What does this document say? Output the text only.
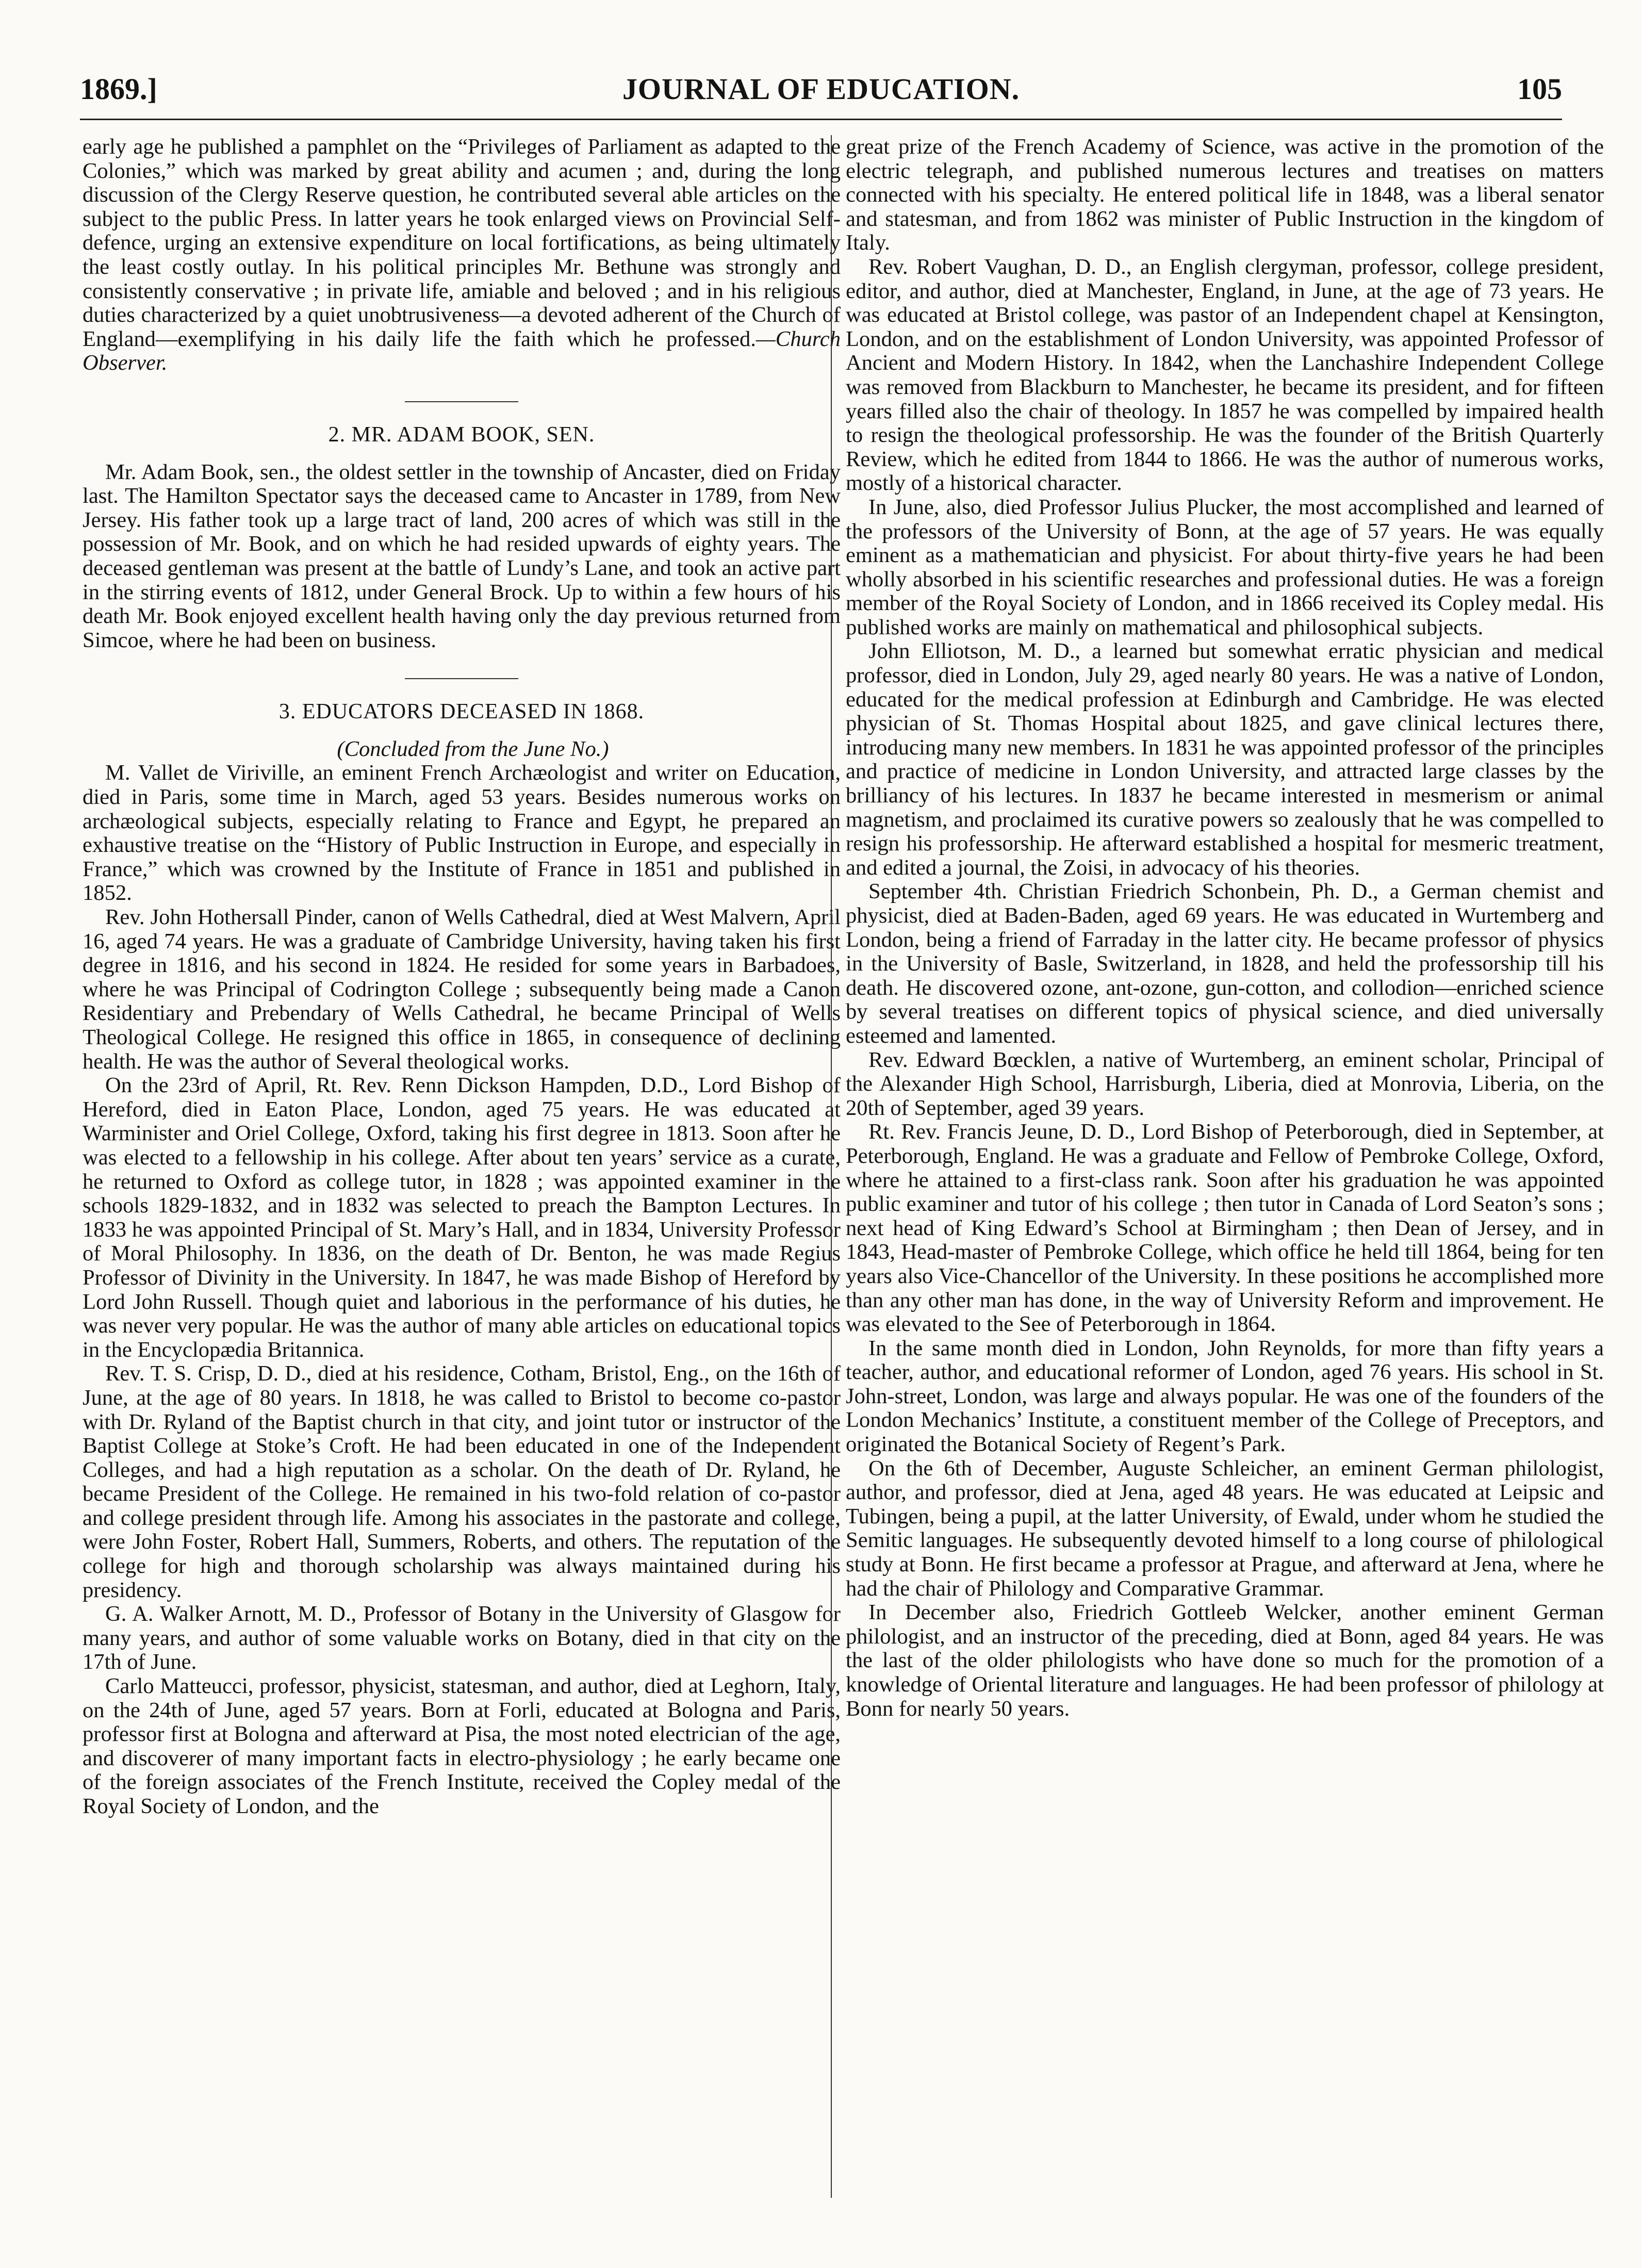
1869.]	JOURNAL OF EDUCATION.	105

early age he published a pamphlet on the “Privileges of Parliament as adapted to the Colonies,” which was marked by great ability and acumen ; and, during the long discussion of the Clergy Reserve question, he contributed several able articles on the subject to the public Press. In latter years he took enlarged views on Provincial Self-defence, urging an extensive expenditure on local fortifications, as being ultimately the least costly outlay. In his political principles Mr. Bethune was strongly and consistently conservative ; in private life, amiable and beloved ; and in his religious duties characterized by a quiet unobtrusiveness—a devoted adherent of the Church of England—exemplifying in his daily life the faith which he professed.—Church Observer.

2. MR. ADAM BOOK, SEN.

Mr. Adam Book, sen., the oldest settler in the township of Ancaster, died on Friday last. The Hamilton Spectator says the deceased came to Ancaster in 1789, from New Jersey. His father took up a large tract of land, 200 acres of which was still in the possession of Mr. Book, and on which he had resided upwards of eighty years. The deceased gentleman was present at the battle of Lundy’s Lane, and took an active part in the stirring events of 1812, under General Brock. Up to within a few hours of his death Mr. Book enjoyed excellent health having only the day previous returned from Simcoe, where he had been on business.

3. EDUCATORS DECEASED IN 1868.

(Concluded from the June No.)

M. Vallet de Viriville, an eminent French Archæologist and writer on Education, died in Paris, some time in March, aged 53 years. Besides numerous works on archæological subjects, especially relating to France and Egypt, he prepared an exhaustive treatise on the “History of Public Instruction in Europe, and especially in France,” which was crowned by the Institute of France in 1851 and published in 1852.

Rev. John Hothersall Pinder, canon of Wells Cathedral, died at West Malvern, April 16, aged 74 years. He was a graduate of Cambridge University, having taken his first degree in 1816, and his second in 1824. He resided for some years in Barbadoes, where he was Principal of Codrington College ; subsequently being made a Canon Residentiary and Prebendary of Wells Cathedral, he became Principal of Wells Theological College. He resigned this office in 1865, in consequence of declining health. He was the author of Several theological works.

On the 23rd of April, Rt. Rev. Renn Dickson Hampden, D.D., Lord Bishop of Hereford, died in Eaton Place, London, aged 75 years. He was educated at Warminister and Oriel College, Oxford, taking his first degree in 1813. Soon after he was elected to a fellowship in his college. After about ten years’ service as a curate, he returned to Oxford as college tutor, in 1828 ; was appointed examiner in the schools 1829-1832, and in 1832 was selected to preach the Bampton Lectures. In 1833 he was appointed Principal of St. Mary’s Hall, and in 1834, University Professor of Moral Philosophy. In 1836, on the death of Dr. Benton, he was made Regius Professor of Divinity in the University. In 1847, he was made Bishop of Hereford by Lord John Russell. Though quiet and laborious in the performance of his duties, he was never very popular. He was the author of many able articles on educational topics in the Encyclopædia Britannica.

Rev. T. S. Crisp, D. D., died at his residence, Cotham, Bristol, Eng., on the 16th of June, at the age of 80 years. In 1818, he was called to Bristol to become co-pastor with Dr. Ryland of the Baptist church in that city, and joint tutor or instructor of the Baptist College at Stoke’s Croft. He had been educated in one of the Independent Colleges, and had a high reputation as a scholar. On the death of Dr. Ryland, he became President of the College. He remained in his two-fold relation of co-pastor and college president through life. Among his associates in the pastorate and college, were John Foster, Robert Hall, Summers, Roberts, and others. The reputation of the college for high and thorough scholarship was always maintained during his presidency.

G. A. Walker Arnott, M. D., Professor of Botany in the University of Glasgow for many years, and author of some valuable works on Botany, died in that city on the 17th of June.

Carlo Matteucci, professor, physicist, statesman, and author, died at Leghorn, Italy, on the 24th of June, aged 57 years. Born at Forli, educated at Bologna and Paris, professor first at Bologna and afterward at Pisa, the most noted electrician of the age, and discoverer of many important facts in electro-physiology ; he early became one of the foreign associates of the French Institute, received the Copley medal of the Royal Society of London, and the

great prize of the French Academy of Science, was active in the promotion of the electric telegraph, and published numerous lectures and treatises on matters connected with his specialty. He entered political life in 1848, was a liberal senator and statesman, and from 1862 was minister of Public Instruction in the kingdom of Italy.

Rev. Robert Vaughan, D. D., an English clergyman, professor, college president, editor, and author, died at Manchester, England, in June, at the age of 73 years. He was educated at Bristol college, was pastor of an Independent chapel at Kensington, London, and on the establishment of London University, was appointed Professor of Ancient and Modern History. In 1842, when the Lanchashire Independent College was removed from Blackburn to Manchester, he became its president, and for fifteen years filled also the chair of theology. In 1857 he was compelled by impaired health to resign the theological professorship. He was the founder of the British Quarterly Review, which he edited from 1844 to 1866. He was the author of numerous works, mostly of a historical character.

In June, also, died Professor Julius Plucker, the most accomplished and learned of the professors of the University of Bonn, at the age of 57 years. He was equally eminent as a mathematician and physicist. For about thirty-five years he had been wholly absorbed in his scientific researches and professional duties. He was a foreign member of the Royal Society of London, and in 1866 received its Copley medal. His published works are mainly on mathematical and philosophical subjects.

John Elliotson, M. D., a learned but somewhat erratic physician and medical professor, died in London, July 29, aged nearly 80 years. He was a native of London, educated for the medical profession at Edinburgh and Cambridge. He was elected physician of St. Thomas Hospital about 1825, and gave clinical lectures there, introducing many new members. In 1831 he was appointed professor of the principles and practice of medicine in London University, and attracted large classes by the brilliancy of his lectures. In 1837 he became interested in mesmerism or animal magnetism, and proclaimed its curative powers so zealously that he was compelled to resign his professorship. He afterward established a hospital for mesmeric treatment, and edited a journal, the Zoisi, in advocacy of his theories.

September 4th. Christian Friedrich Schonbein, Ph. D., a German chemist and physicist, died at Baden-Baden, aged 69 years. He was educated in Wurtemberg and London, being a friend of Farraday in the latter city. He became professor of physics in the University of Basle, Switzerland, in 1828, and held the professorship till his death. He discovered ozone, ant-ozone, gun-cotton, and collodion—enriched science by several treatises on different topics of physical science, and died universally esteemed and lamented.

Rev. Edward Bœcklen, a native of Wurtemberg, an eminent scholar, Principal of the Alexander High School, Harrisburgh, Liberia, died at Monrovia, Liberia, on the 20th of September, aged 39 years.

Rt. Rev. Francis Jeune, D. D., Lord Bishop of Peterborough, died in September, at Peterborough, England. He was a graduate and Fellow of Pembroke College, Oxford, where he attained to a first-class rank. Soon after his graduation he was appointed public examiner and tutor of his college ; then tutor in Canada of Lord Seaton’s sons ; next head of King Edward’s School at Birmingham ; then Dean of Jersey, and in 1843, Head-master of Pembroke College, which office he held till 1864, being for ten years also Vice-Chancellor of the University. In these positions he accomplished more than any other man has done, in the way of University Reform and improvement. He was elevated to the See of Peterborough in 1864.

In the same month died in London, John Reynolds, for more than fifty years a teacher, author, and educational reformer of London, aged 76 years. His school in St. John-street, London, was large and always popular. He was one of the founders of the London Mechanics’ Institute, a constituent member of the College of Preceptors, and originated the Botanical Society of Regent’s Park.

On the 6th of December, Auguste Schleicher, an eminent German philologist, author, and professor, died at Jena, aged 48 years. He was educated at Leipsic and Tubingen, being a pupil, at the latter University, of Ewald, under whom he studied the Semitic languages. He subsequently devoted himself to a long course of philological study at Bonn. He first became a professor at Prague, and afterward at Jena, where he had the chair of Philology and Comparative Grammar.

In December also, Friedrich Gottleeb Welcker, another eminent German philologist, and an instructor of the preceding, died at Bonn, aged 84 years. He was the last of the older philologists who have done so much for the promotion of a knowledge of Oriental literature and languages. He had been professor of philology at Bonn for nearly 50 years.
